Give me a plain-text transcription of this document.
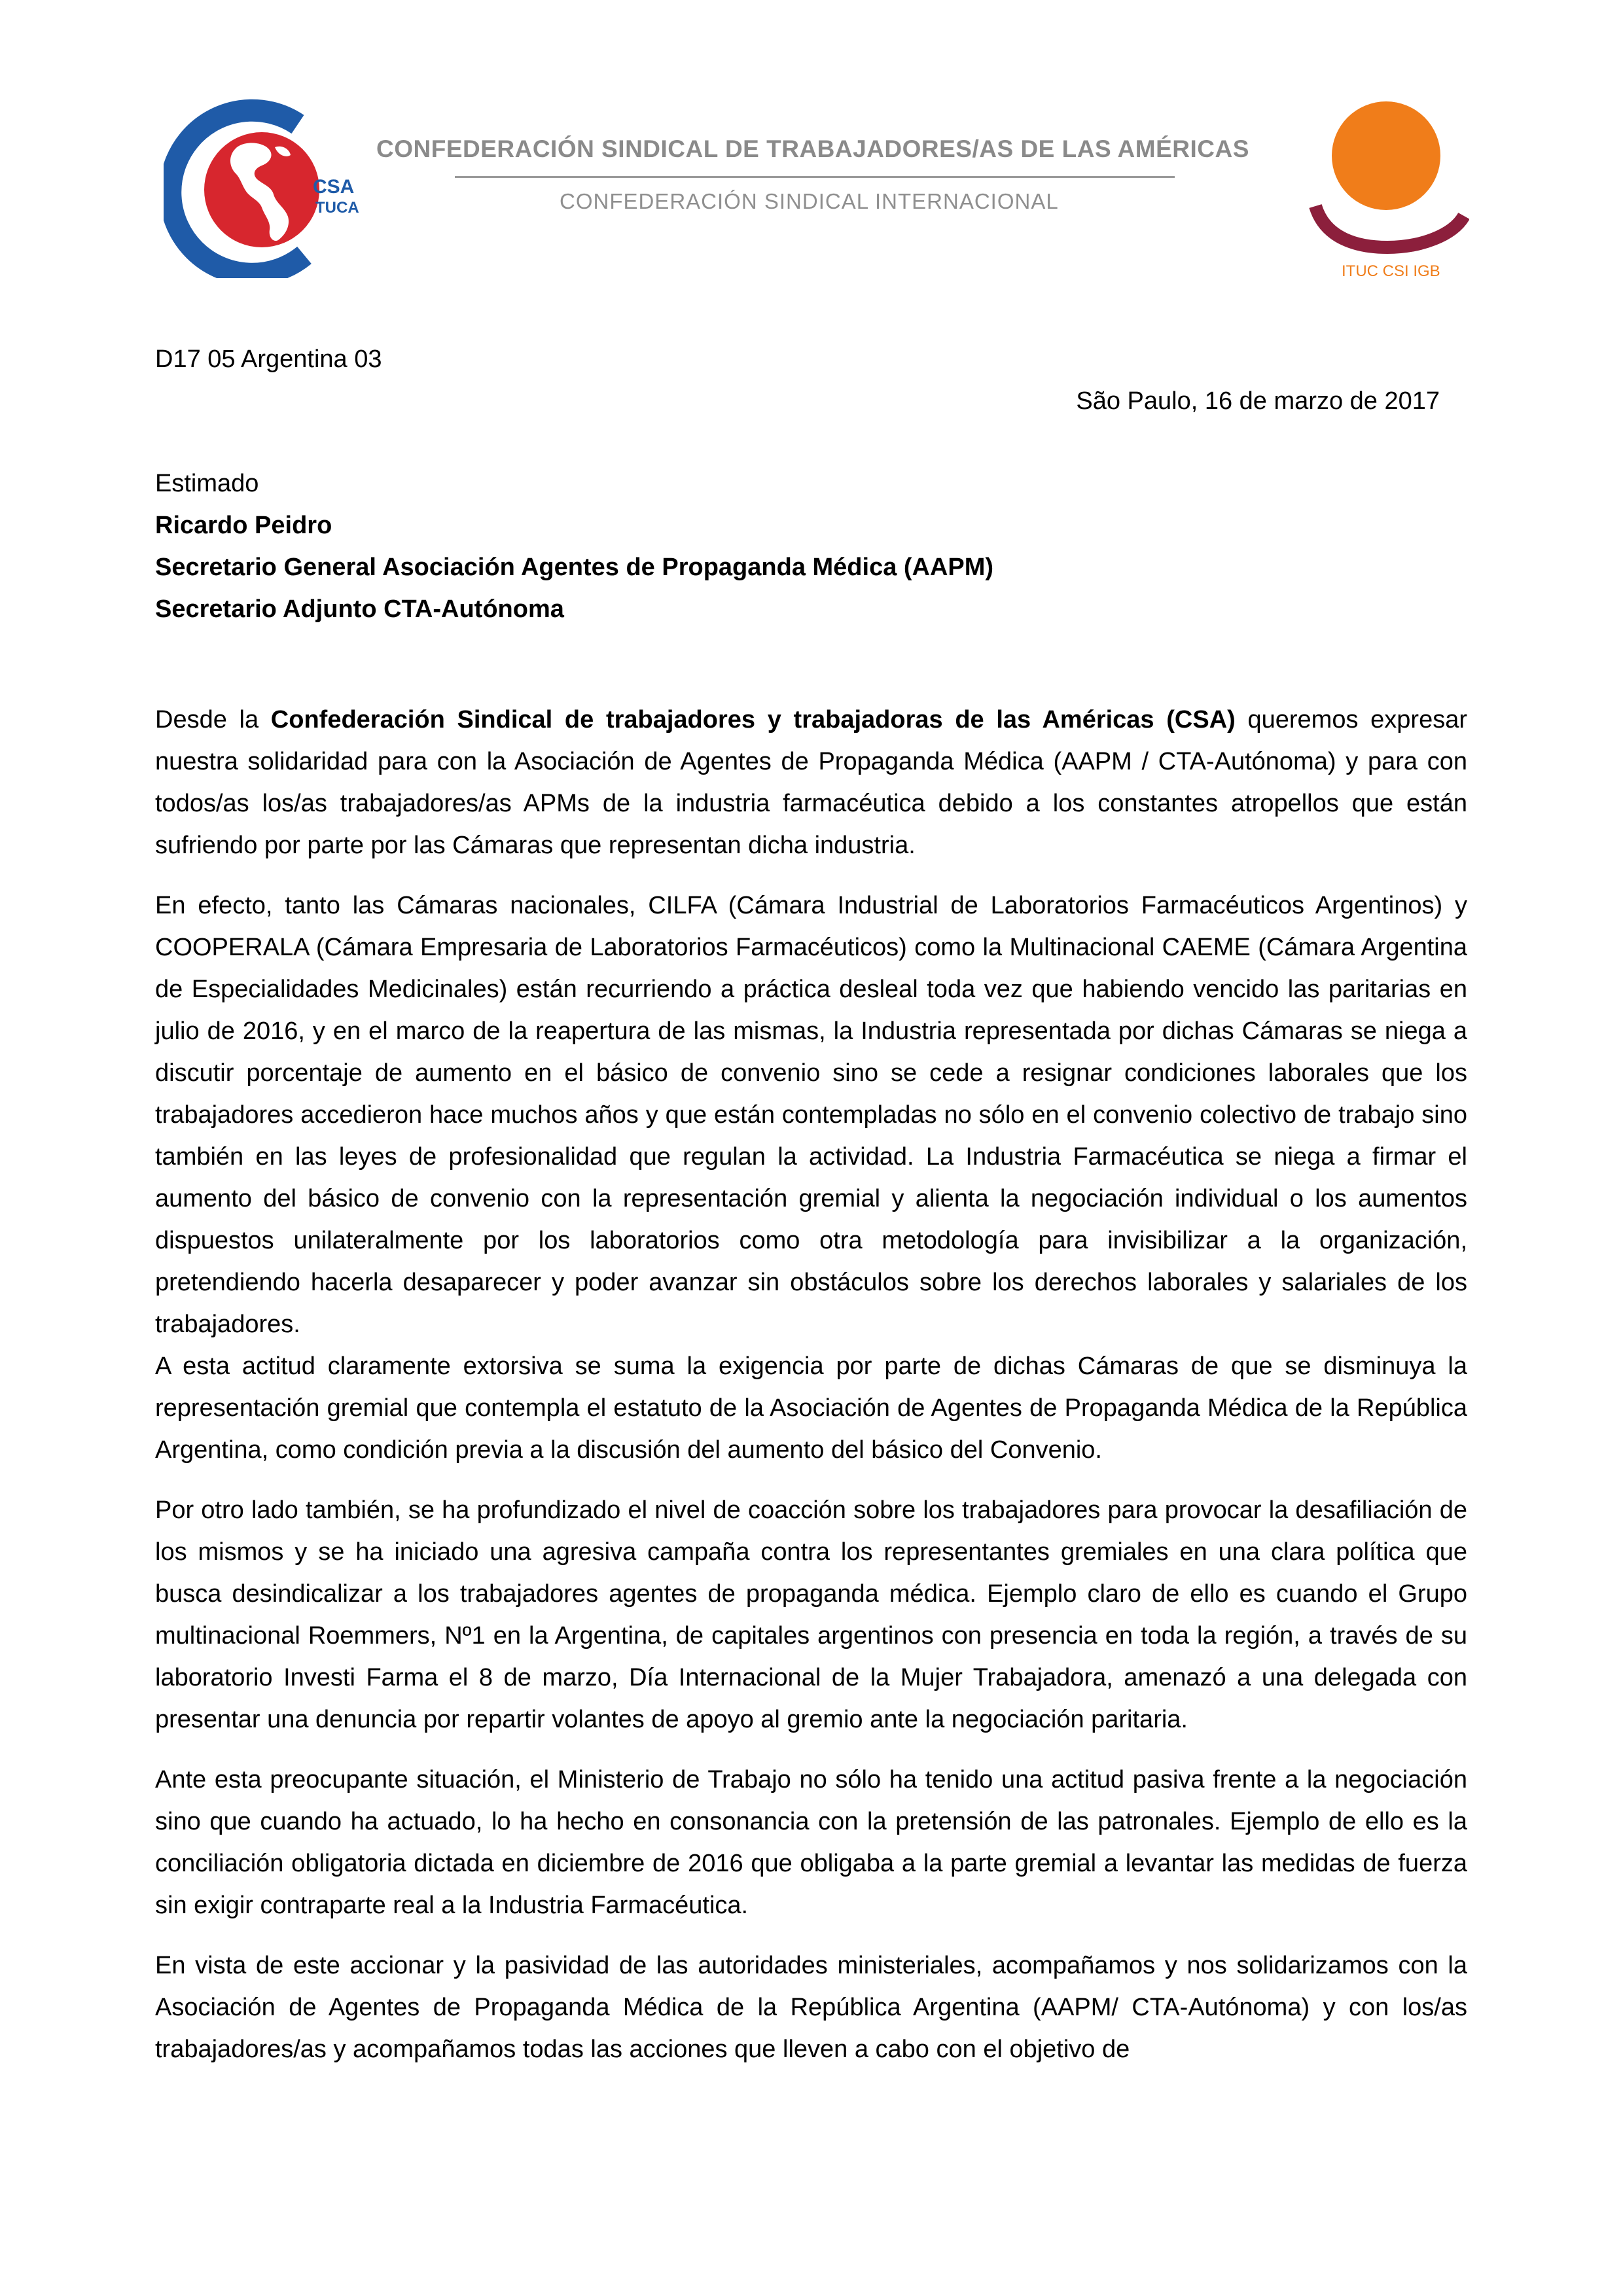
CSA
TUCA
CONFEDERACIÓN SINDICAL DE TRABAJADORES/AS DE LAS AMÉRICAS
CONFEDERACIÓN SINDICAL INTERNACIONAL
ITUC CSI IGB
D17 05 Argentina 03
São Paulo, 16 de marzo de 2017
Estimado
Ricardo Peidro
Secretario General Asociación Agentes de Propaganda Médica (AAPM)
Secretario Adjunto CTA-Autónoma

Desde la Confederación Sindical de trabajadores y trabajadoras de las Américas (CSA) queremos expresar nuestra solidaridad para con la Asociación de Agentes de Propaganda Médica (AAPM / CTA-Autónoma) y para con todos/as los/as trabajadores/as APMs de la industria farmacéutica debido a los constantes atropellos que están sufriendo por parte por las Cámaras que representan dicha industria.

En efecto, tanto las Cámaras nacionales, CILFA (Cámara Industrial de Laboratorios Farmacéuticos Argentinos) y COOPERALA (Cámara Empresaria de Laboratorios Farmacéuticos) como la Multinacional CAEME (Cámara Argentina de Especialidades Medicinales) están recurriendo a práctica desleal toda vez que habiendo vencido las paritarias en julio de 2016, y en el marco de la reapertura de las mismas, la Industria representada por dichas Cámaras se niega a discutir porcentaje de aumento en el básico de convenio sino se cede a resignar condiciones laborales que los trabajadores accedieron hace muchos años y que están contempladas no sólo en el convenio colectivo de trabajo sino también en las leyes de profesionalidad que regulan la actividad. La Industria Farmacéutica se niega a firmar el aumento del básico de convenio con la representación gremial y alienta la negociación individual o los aumentos dispuestos unilateralmente por los laboratorios como otra metodología para invisibilizar a la organización, pretendiendo hacerla desaparecer y poder avanzar sin obstáculos sobre los derechos laborales y salariales de los trabajadores.

A esta actitud claramente extorsiva se suma la exigencia por parte de dichas Cámaras de que se disminuya la representación gremial que contempla el estatuto de la Asociación de Agentes de Propaganda Médica de la República Argentina, como condición previa a la discusión del aumento del básico del Convenio.

Por otro lado también, se ha profundizado el nivel de coacción sobre los trabajadores para provocar la desafiliación de los mismos y se ha iniciado una agresiva campaña contra los representantes gremiales en una clara política que busca desindicalizar a los trabajadores agentes de propaganda médica. Ejemplo claro de ello es cuando el Grupo multinacional Roemmers, Nº1 en la Argentina, de capitales argentinos con presencia en toda la región, a través de su laboratorio Investi Farma el 8 de marzo, Día Internacional de la Mujer Trabajadora, amenazó a una delegada con presentar una denuncia por repartir volantes de apoyo al gremio ante la negociación paritaria.

Ante esta preocupante situación, el Ministerio de Trabajo no sólo ha tenido una actitud pasiva frente a la negociación sino que cuando ha actuado, lo ha hecho en consonancia con la pretensión de las patronales. Ejemplo de ello es la conciliación obligatoria dictada en diciembre de 2016 que obligaba a la parte gremial a levantar las medidas de fuerza sin exigir contraparte real a la Industria Farmacéutica.

En vista de este accionar y la pasividad de las autoridades ministeriales, acompañamos y nos solidarizamos con la Asociación de Agentes de Propaganda Médica de la República Argentina (AAPM/ CTA-Autónoma) y con los/as trabajadores/as y acompañamos todas las acciones que lleven a cabo con el objetivo de
